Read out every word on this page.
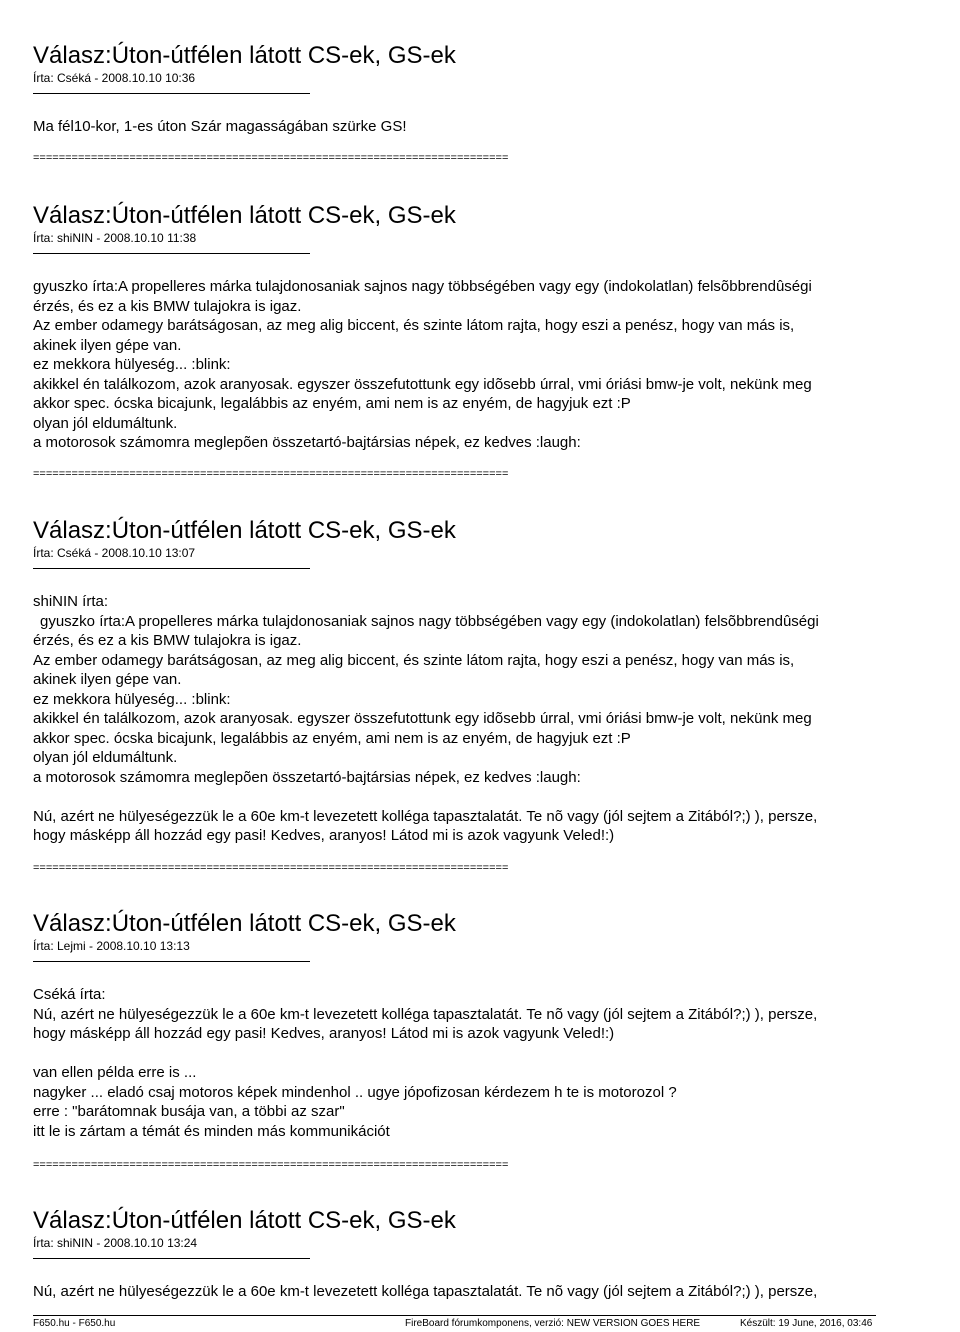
Válasz:Úton-útfélen látott CS-ek, GS-ek
Írta: Cséká - 2008.10.10 10:36
Ma fél10-kor, 1-es úton Szár magasságában szürke GS!
==========================================================================
Válasz:Úton-útfélen látott CS-ek, GS-ek
Írta: shiNIN - 2008.10.10 11:38
gyuszko írta:A propelleres márka tulajdonosaniak sajnos nagy többségében vagy egy (indokolatlan) felsõbbrendûségi
érzés, és ez a kis BMW tulajokra is igaz.
Az ember odamegy barátságosan, az meg alig biccent, és szinte látom rajta, hogy eszi a penész, hogy van más is,
akinek ilyen gépe van.
ez mekkora hülyeség... :blink:
akikkel én találkozom, azok aranyosak. egyszer összefutottunk egy idõsebb úrral, vmi óriási bmw-je volt, nekünk meg
akkor spec. ócska bicajunk, legalábbis az enyém, ami nem is az enyém, de hagyjuk ezt :P
olyan jól eldumáltunk.
a motorosok számomra meglepõen összetartó-bajtársias népek, ez kedves :laugh:
==========================================================================
Válasz:Úton-útfélen látott CS-ek, GS-ek
Írta: Cséká - 2008.10.10 13:07
shiNIN írta:
gyuszko írta:A propelleres márka tulajdonosaniak sajnos nagy többségében vagy egy (indokolatlan) felsõbbrendûségi
érzés, és ez a kis BMW tulajokra is igaz.
Az ember odamegy barátságosan, az meg alig biccent, és szinte látom rajta, hogy eszi a penész, hogy van más is,
akinek ilyen gépe van.
ez mekkora hülyeség... :blink:
akikkel én találkozom, azok aranyosak. egyszer összefutottunk egy idõsebb úrral, vmi óriási bmw-je volt, nekünk meg
akkor spec. ócska bicajunk, legalábbis az enyém, ami nem is az enyém, de hagyjuk ezt :P
olyan jól eldumáltunk.
a motorosok számomra meglepõen összetartó-bajtársias népek, ez kedves :laugh:
Nú, azért ne hülyeségezzük le a 60e km-t levezetett kolléga tapasztalatát. Te nõ vagy (jól sejtem a Zitából?;) ), persze,
hogy másképp áll hozzád egy pasi! Kedves, aranyos! Látod mi is azok vagyunk Veled!:)
==========================================================================
Válasz:Úton-útfélen látott CS-ek, GS-ek
Írta: Lejmi - 2008.10.10 13:13
Cséká írta:
Nú, azért ne hülyeségezzük le a 60e km-t levezetett kolléga tapasztalatát. Te nõ vagy (jól sejtem a Zitából?;) ), persze,
hogy másképp áll hozzád egy pasi! Kedves, aranyos! Látod mi is azok vagyunk Veled!:)
van ellen példa erre is ...
nagyker ... eladó csaj motoros képek mindenhol .. ugye jópofizosan kérdezem h te is motorozol ?
erre : "barátomnak busája van, a többi az szar"
itt le is zártam a témát és minden más kommunikációt
==========================================================================
Válasz:Úton-útfélen látott CS-ek, GS-ek
Írta: shiNIN - 2008.10.10 13:24
Nú, azért ne hülyeségezzük le a 60e km-t levezetett kolléga tapasztalatát. Te nõ vagy (jól sejtem a Zitából?;) ), persze,
F650.hu - F650.hu	FireBoard fórumkomponens, verzió: NEW VERSION GOES HERE	Készült: 19 June, 2016, 03:46
